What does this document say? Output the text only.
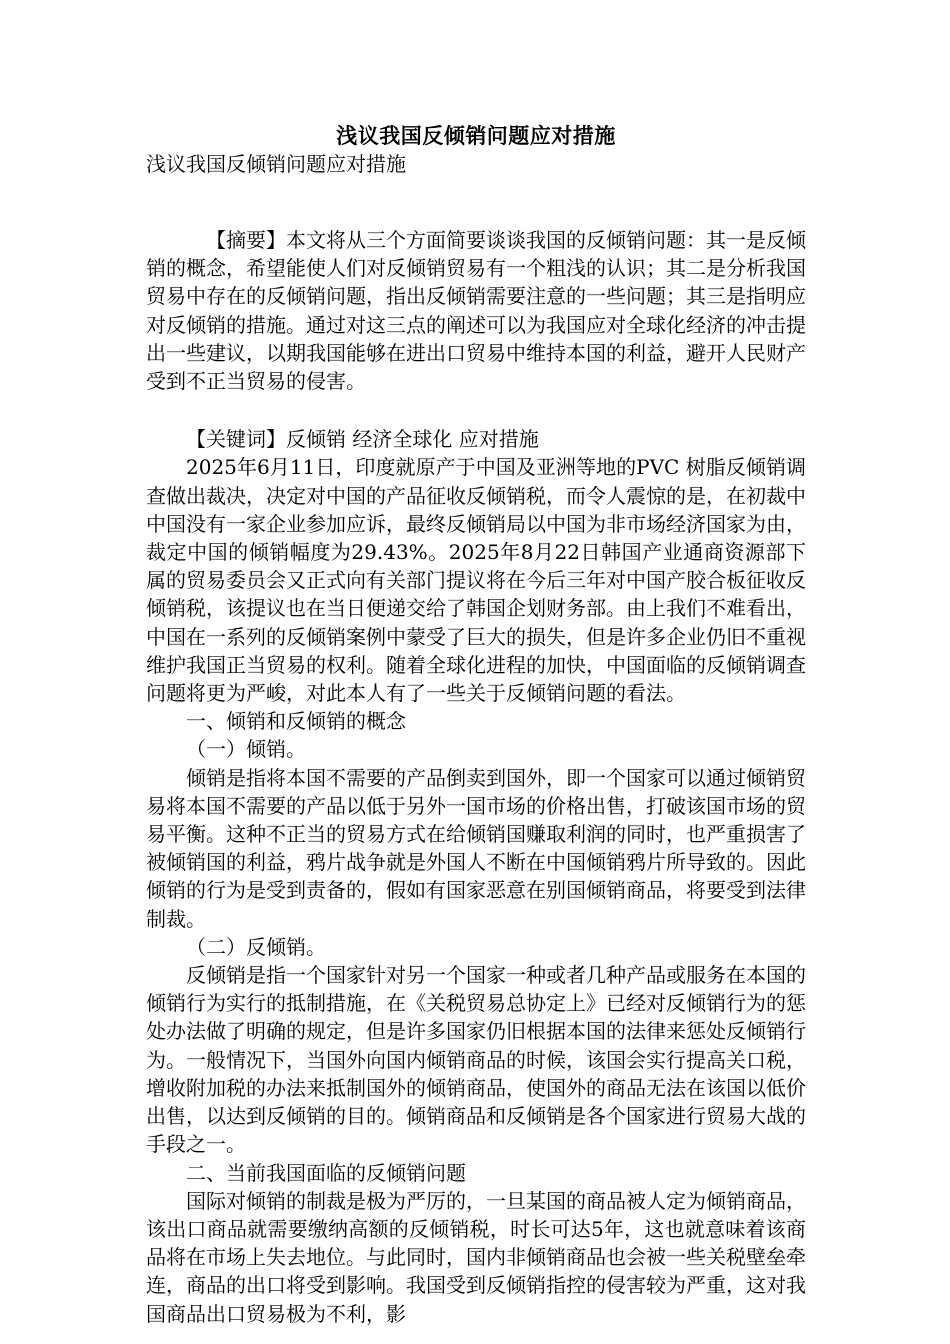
浅议我国反倾销问题应对措施

浅议我国反倾销问题应对措施

【摘要】本文将从三个方面简要谈谈我国的反倾销问题：其一是反倾销的概念，希望能使人们对反倾销贸易有一个粗浅的认识；其二是分析我国贸易中存在的反倾销问题，指出反倾销需要注意的一些问题；其三是指明应对反倾销的措施。通过对这三点的阐述可以为我国应对全球化经济的冲击提出一些建议，以期我国能够在进出口贸易中维持本国的利益，避开人民财产受到不正当贸易的侵害。

【关键词】反倾销 经济全球化 应对措施

2025年6月11日，印度就原产于中国及亚洲等地的PVC 树脂反倾销调查做出裁决，决定对中国的产品征收反倾销税，而令人震惊的是，在初裁中中国没有一家企业参加应诉，最终反倾销局以中国为非市场经济国家为由，裁定中国的倾销幅度为29.43%。2025年8月22日韩国产业通商资源部下属的贸易委员会又正式向有关部门提议将在今后三年对中国产胶合板征收反倾销税，该提议也在当日便递交给了韩国企划财务部。由上我们不难看出，中国在一系列的反倾销案例中蒙受了巨大的损失，但是许多企业仍旧不重视维护我国正当贸易的权利。随着全球化进程的加快，中国面临的反倾销调查问题将更为严峻，对此本人有了一些关于反倾销问题的看法。

一、倾销和反倾销的概念

（一）倾销。

倾销是指将本国不需要的产品倒卖到国外，即一个国家可以通过倾销贸易将本国不需要的产品以低于另外一国市场的价格出售，打破该国市场的贸易平衡。这种不正当的贸易方式在给倾销国赚取利润的同时，也严重损害了被倾销国的利益，鸦片战争就是外国人不断在中国倾销鸦片所导致的。因此倾销的行为是受到责备的，假如有国家恶意在别国倾销商品，将要受到法律制裁。

（二）反倾销。

反倾销是指一个国家针对另一个国家一种或者几种产品或服务在本国的倾销行为实行的抵制措施，在《关税贸易总协定上》已经对反倾销行为的惩处办法做了明确的规定，但是许多国家仍旧根据本国的法律来惩处反倾销行为。一般情况下，当国外向国内倾销商品的时候，该国会实行提高关口税，增收附加税的办法来抵制国外的倾销商品，使国外的商品无法在该国以低价出售，以达到反倾销的目的。倾销商品和反倾销是各个国家进行贸易大战的手段之一。

二、当前我国面临的反倾销问题

国际对倾销的制裁是极为严厉的，一旦某国的商品被人定为倾销商品，该出口商品就需要缴纳高额的反倾销税，时长可达5年，这也就意味着该商品将在市场上失去地位。与此同时，国内非倾销商品也会被一些关税壁垒牵连，商品的出口将受到影响。我国受到反倾销指控的侵害较为严重，这对我国商品出口贸易极为不利，影
